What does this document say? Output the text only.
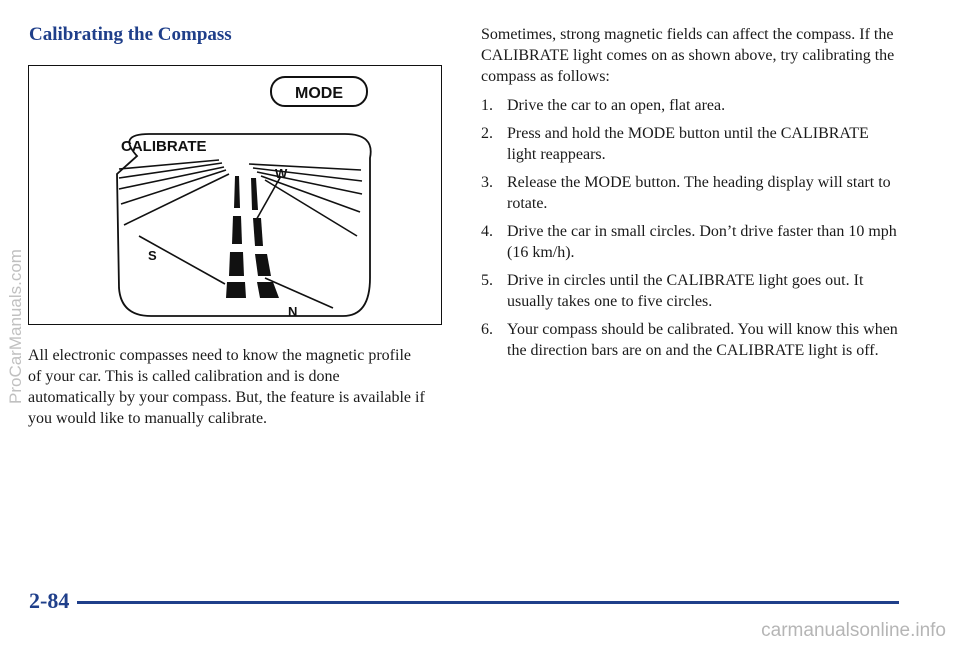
Calibrating the Compass
MODE
CALIBRATE
W
S
N

All electronic compasses need to know the magnetic profile of your car. This is called calibration and is done automatically by your compass. But, the feature is available if you would like to manually calibrate.

Sometimes, strong magnetic fields can affect the compass. If the CALIBRATE light comes on as shown above, try calibrating the compass as follows:

1. Drive the car to an open, flat area.
2. Press and hold the MODE button until the CALIBRATE light reappears.
3. Release the MODE button. The heading display will start to rotate.
4. Drive the car in small circles. Don’t drive faster than 10 mph (16 km/h).
5. Drive in circles until the CALIBRATE light goes out. It usually takes one to five circles.
6. Your compass should be calibrated. You will know this when the direction bars are on and the CALIBRATE light is off.
2-84
ProCarManuals.com
carmanualsonline.info
